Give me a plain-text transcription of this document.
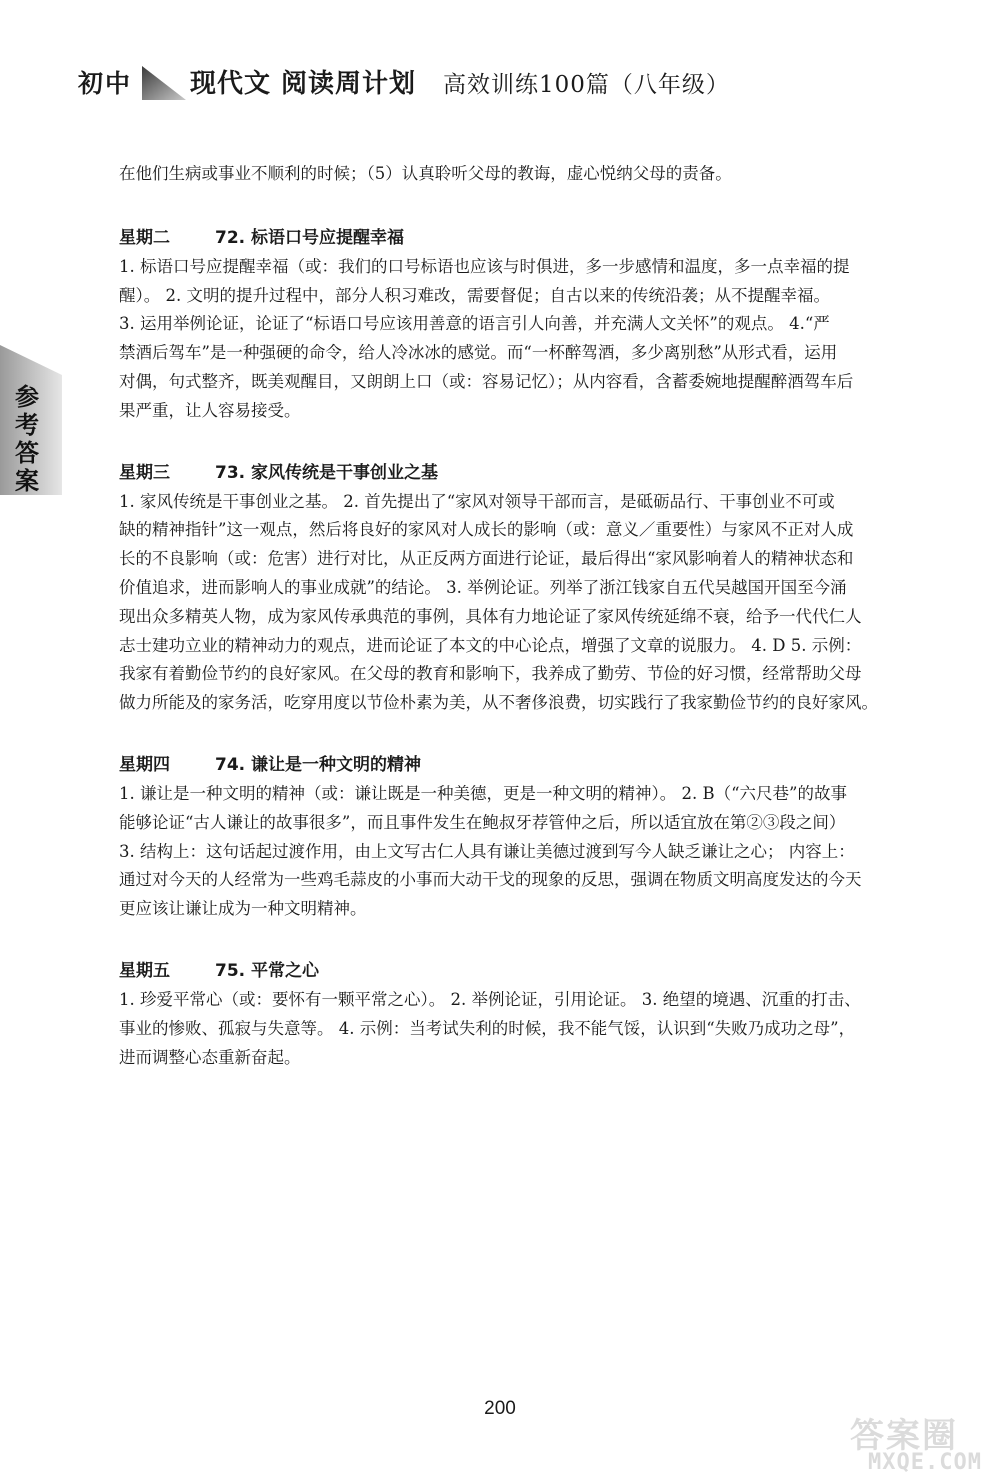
初中 现代文 阅读周计划 高效训练100篇（八年级）
参
考
答
案

在他们生病或事业不顺利的时候；（5）认真聆听父母的教诲，虚心悦纳父母的责备。

星期二	72. 标语口号应提醒幸福

1. 标语口号应提醒幸福（或：我们的口号标语也应该与时俱进，多一步感情和温度，多一点幸福的提

醒）。 2. 文明的提升过程中，部分人积习难改，需要督促；自古以来的传统沿袭；从不提醒幸福。

3. 运用举例论证，论证了“标语口号应该用善意的语言引人向善，并充满人文关怀”的观点。 4.“严

禁酒后驾车”是一种强硬的命令，给人冷冰冰的感觉。而“一杯醉驾酒，多少离别愁”从形式看，运用

对偶，句式整齐，既美观醒目，又朗朗上口（或：容易记忆）；从内容看，含蓄委婉地提醒醉酒驾车后

果严重，让人容易接受。

星期三	73. 家风传统是干事创业之基

1. 家风传统是干事创业之基。 2. 首先提出了“家风对领导干部而言，是砥砺品行、干事创业不可或

缺的精神指针”这一观点，然后将良好的家风对人成长的影响（或：意义／重要性）与家风不正对人成

长的不良影响（或：危害）进行对比，从正反两方面进行论证，最后得出“家风影响着人的精神状态和

价值追求，进而影响人的事业成就”的结论。 3. 举例论证。列举了浙江钱家自五代吴越国开国至今涌

现出众多精英人物，成为家风传承典范的事例，具体有力地论证了家风传统延绵不衰，给予一代代仁人

志士建功立业的精神动力的观点，进而论证了本文的中心论点，增强了文章的说服力。 4. D 5. 示例：

我家有着勤俭节约的良好家风。在父母的教育和影响下，我养成了勤劳、节俭的好习惯，经常帮助父母

做力所能及的家务活，吃穿用度以节俭朴素为美，从不奢侈浪费，切实践行了我家勤俭节约的良好家风。

星期四	74. 谦让是一种文明的精神

1. 谦让是一种文明的精神（或：谦让既是一种美德，更是一种文明的精神）。 2. B（“六尺巷”的故事

能够论证“古人谦让的故事很多”，而且事件发生在鲍叔牙荐管仲之后，所以适宜放在第②③段之间）

3. 结构上：这句话起过渡作用，由上文写古仁人具有谦让美德过渡到写今人缺乏谦让之心； 内容上：

通过对今天的人经常为一些鸡毛蒜皮的小事而大动干戈的现象的反思，强调在物质文明高度发达的今天

更应该让谦让成为一种文明精神。

星期五	75. 平常之心

1. 珍爱平常心（或：要怀有一颗平常之心）。 2. 举例论证，引用论证。 3. 绝望的境遇、沉重的打击、

事业的惨败、孤寂与失意等。 4. 示例：当考试失利的时候，我不能气馁，认识到“失败乃成功之母”，

进而调整心态重新奋起。

200
答案圈
MXQE.COM
